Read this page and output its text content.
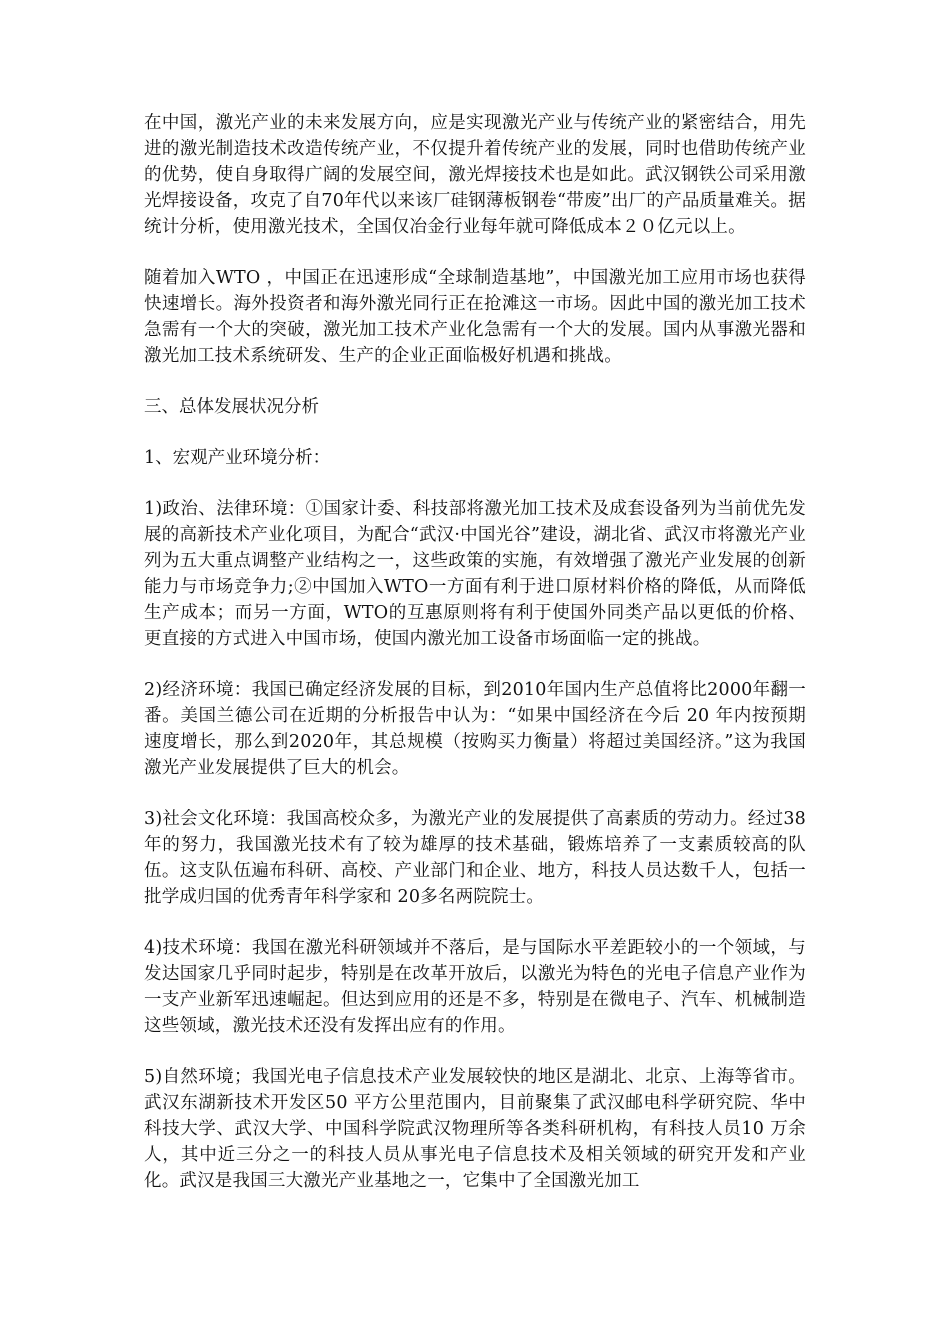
在中国，激光产业的未来发展方向，应是实现激光产业与传统产业的紧密结合，用先进的激光制造技术改造传统产业，不仅提升着传统产业的发展，同时也借助传统产业的优势，使自身取得广阔的发展空间，激光焊接技术也是如此。武汉钢铁公司采用激光焊接设备，攻克了自70年代以来该厂硅钢薄板钢卷“带废”出厂的产品质量难关。据统计分析，使用激光技术，全国仅冶金行业每年就可降低成本２０亿元以上。

随着加入WTO ，中国正在迅速形成“全球制造基地”，中国激光加工应用市场也获得快速增长。海外投资者和海外激光同行正在抢滩这一市场。因此中国的激光加工技术急需有一个大的突破，激光加工技术产业化急需有一个大的发展。国内从事激光器和激光加工技术系统研发、生产的企业正面临极好机遇和挑战。

三、总体发展状况分析

1、宏观产业环境分析：

1)政治、法律环境：①国家计委、科技部将激光加工技术及成套设备列为当前优先发展的高新技术产业化项目，为配合“武汉·中国光谷”建设，湖北省、武汉市将激光产业列为五大重点调整产业结构之一，这些政策的实施，有效增强了激光产业发展的创新能力与市场竞争力;②中国加入WTO一方面有利于进口原材料价格的降低，从而降低生产成本；而另一方面，WTO的互惠原则将有利于使国外同类产品以更低的价格、更直接的方式进入中国市场，使国内激光加工设备市场面临一定的挑战。

2)经济环境：我国已确定经济发展的目标，到2010年国内生产总值将比2000年翻一番。美国兰德公司在近期的分析报告中认为：“如果中国经济在今后 20 年内按预期速度增长，那么到2020年，其总规模（按购买力衡量）将超过美国经济。”这为我国激光产业发展提供了巨大的机会。

3)社会文化环境：我国高校众多，为激光产业的发展提供了高素质的劳动力。经过38年的努力，我国激光技术有了较为雄厚的技术基础，锻炼培养了一支素质较高的队伍。这支队伍遍布科研、高校、产业部门和企业、地方，科技人员达数千人，包括一批学成归国的优秀青年科学家和 20多名两院院士。

4)技术环境：我国在激光科研领域并不落后，是与国际水平差距较小的一个领域，与发达国家几乎同时起步，特别是在改革开放后，以激光为特色的光电子信息产业作为一支产业新军迅速崛起。但达到应用的还是不多，特别是在微电子、汽车、机械制造这些领域，激光技术还没有发挥出应有的作用。

5)自然环境；我国光电子信息技术产业发展较快的地区是湖北、北京、上海等省市。武汉东湖新技术开发区50 平方公里范围内，目前聚集了武汉邮电科学研究院、华中科技大学、武汉大学、中国科学院武汉物理所等各类科研机构，有科技人员10 万余人，其中近三分之一的科技人员从事光电子信息技术及相关领域的研究开发和产业化。武汉是我国三大激光产业基地之一，它集中了全国激光加工
